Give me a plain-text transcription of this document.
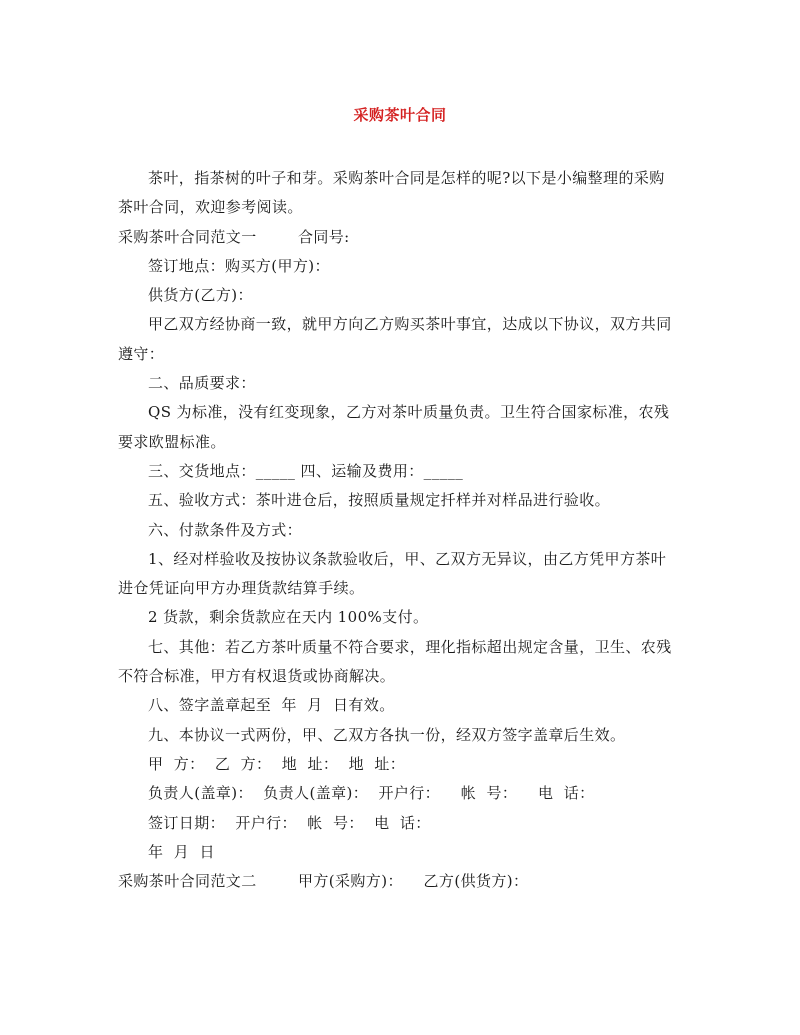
采购茶叶合同
茶叶，指茶树的叶子和芽。采购茶叶合同是怎样的呢?以下是小编整理的采购
茶叶合同，欢迎参考阅读。
采购茶叶合同范文一        合同号:
签订地点：购买方(甲方)：
供货方(乙方)：
甲乙双方经协商一致，就甲方向乙方购买茶叶事宜，达成以下协议，双方共同
遵守：
二、品质要求：
QS 为标准，没有红变现象，乙方对茶叶质量负责。卫生符合国家标准，农残
要求欧盟标准。
三、交货地点：_____ 四、运输及费用：_____
五、验收方式：茶叶进仓后，按照质量规定扦样并对样品进行验收。
六、付款条件及方式：
1、经对样验收及按协议条款验收后，甲、乙双方无异议，由乙方凭甲方茶叶
进仓凭证向甲方办理货款结算手续。
2 货款，剩余货款应在天内 100%支付。
七、其他：若乙方茶叶质量不符合要求，理化指标超出规定含量，卫生、农残
不符合标准，甲方有权退货或协商解决。
八、签字盖章起至  年  月  日有效。
九、本协议一式两份，甲、乙双方各执一份，经双方签字盖章后生效。
甲  方：  乙  方：  地  址：  地  址：
负责人(盖章)：  负责人(盖章)：  开户行：    帐  号：    电  话：
签订日期：  开户行：  帐  号：  电  话：
年  月  日
采购茶叶合同范文二        甲方(采购方)：    乙方(供货方)：
